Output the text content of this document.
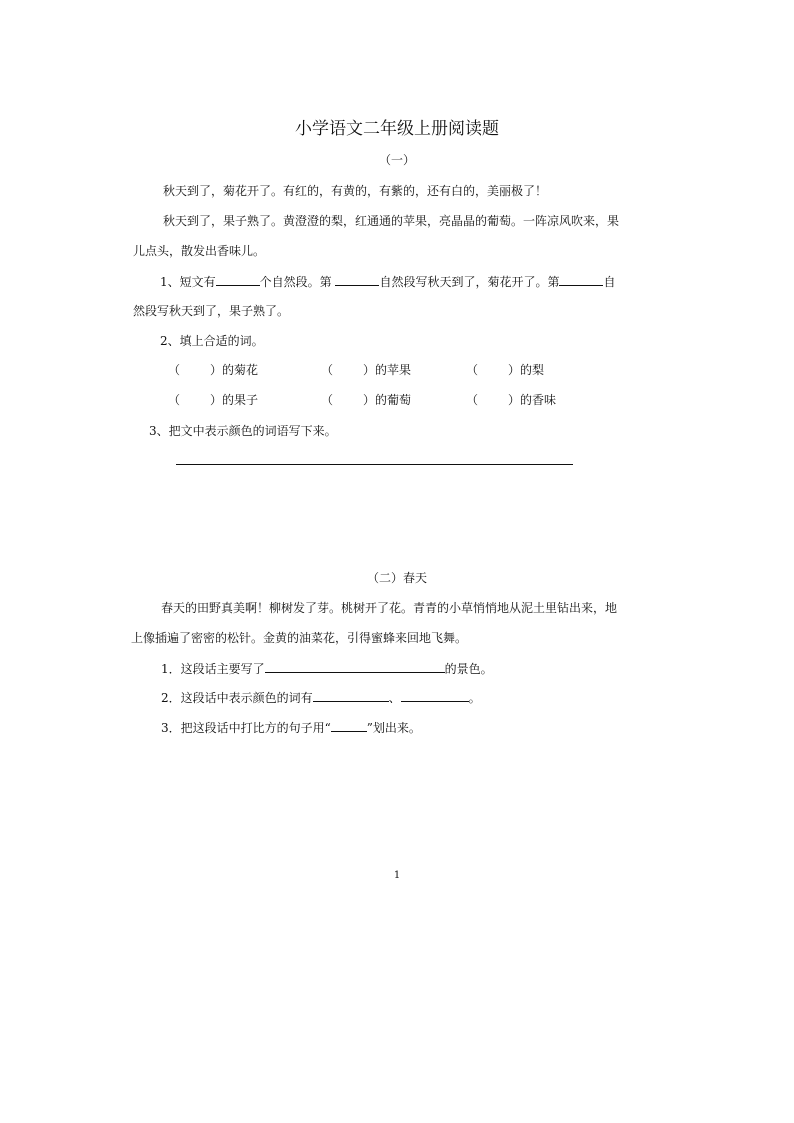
小学语文二年级上册阅读题
（一）
秋天到了，菊花开了。有红的，有黄的，有紫的，还有白的，美丽极了！
秋天到了，果子熟了。黄澄澄的梨，红通通的苹果，亮晶晶的葡萄。一阵凉风吹来，果
儿点头，散发出香味儿。
1、短文有	个自然段。第	自然段写秋天到了，菊花开了。第	自
然段写秋天到了，果子熟了。
2、填上合适的词。
（	）的菊花	（	）的苹果	（	）的梨
（	）的果子	（	）的葡萄	（	）的香味
3、把文中表示颜色的词语写下来。
（二）春天
春天的田野真美啊！柳树发了芽。桃树开了花。青青的小草悄悄地从泥土里钻出来，地
上像插遍了密密的松针。金黄的油菜花，引得蜜蜂来回地飞舞。
1．这段话主要写了	的景色。
2．这段话中表示颜色的词有	、	。
3．把这段话中打比方的句子用“	”划出来。
1
